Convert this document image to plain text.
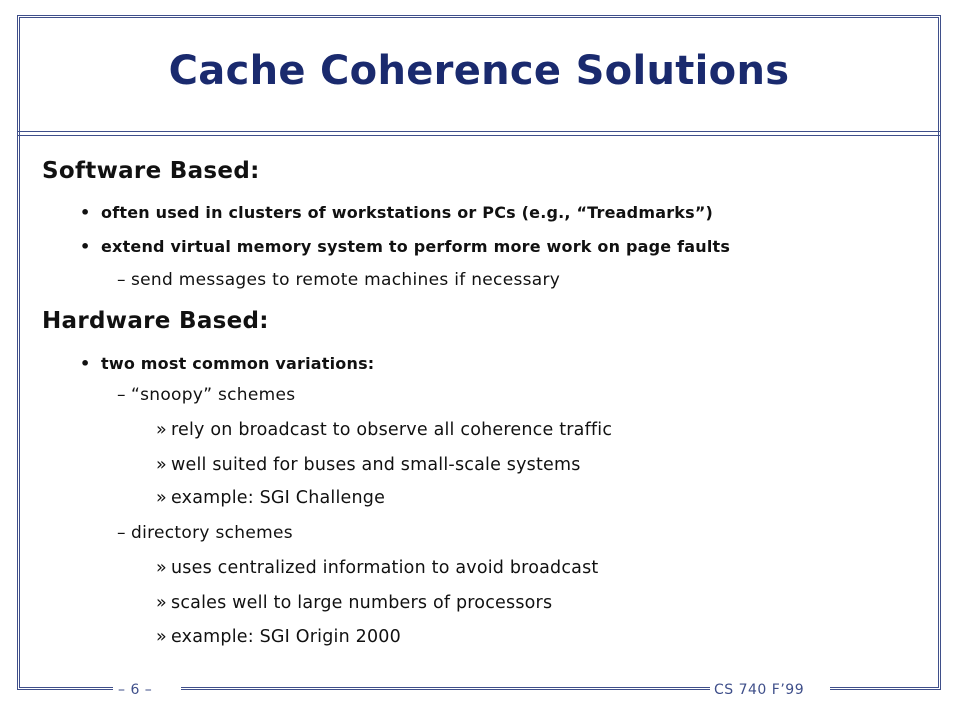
Cache Coherence Solutions
Software Based:
• often used in clusters of workstations or PCs (e.g., “Treadmarks”)
• extend virtual memory system to perform more work on page faults
– send messages to remote machines if necessary
Hardware Based:
• two most common variations:
– “snoopy” schemes
» rely on broadcast to observe all coherence traffic
» well suited for buses and small-scale systems
» example: SGI Challenge
– directory schemes
» uses centralized information to avoid broadcast
» scales well to large numbers of processors
» example: SGI Origin 2000
– 6 –	CS 740 F’99
